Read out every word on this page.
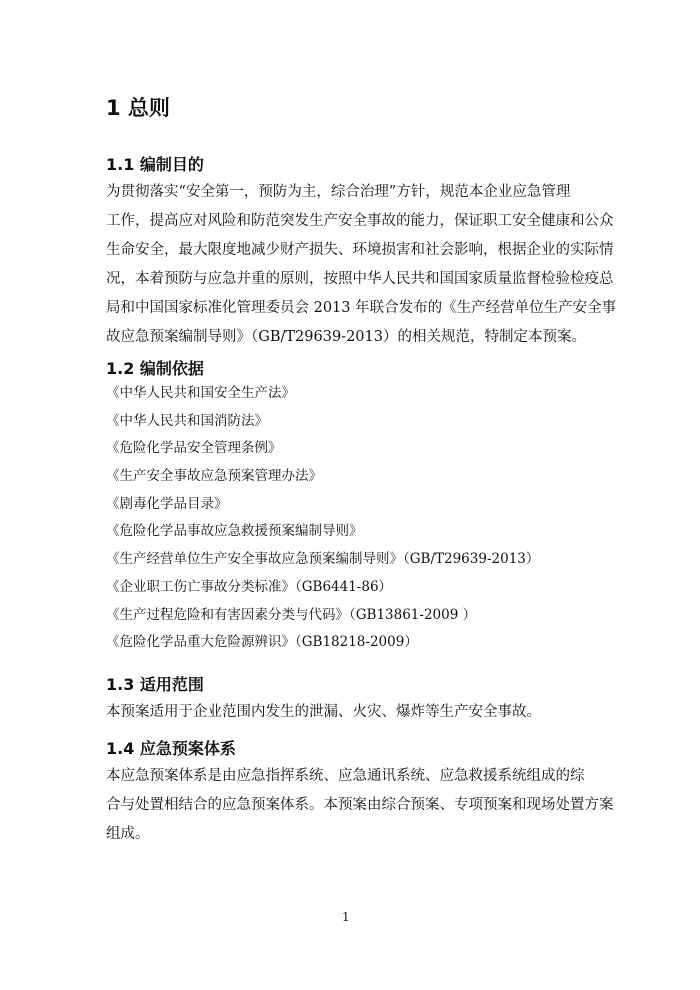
1 总则
1.1 编制目的
为贯彻落实“安全第一，预防为主，综合治理”方针，规范本企业应急管理
工作，提高应对风险和防范突发生产安全事故的能力，保证职工安全健康和公众
生命安全，最大限度地减少财产损失、环境损害和社会影响，根据企业的实际情
况，本着预防与应急并重的原则，按照中华人民共和国国家质量监督检验检疫总
局和中国国家标准化管理委员会 2013 年联合发布的《生产经营单位生产安全事
故应急预案编制导则》（GB/T29639-2013）的相关规范，特制定本预案。
1.2 编制依据
《中华人民共和国安全生产法》
《中华人民共和国消防法》
《危险化学品安全管理条例》
《生产安全事故应急预案管理办法》
《剧毒化学品目录》
《危险化学品事故应急救援预案编制导则》
《生产经营单位生产安全事故应急预案编制导则》（GB/T29639-2013）
《企业职工伤亡事故分类标准》（GB6441-86）
《生产过程危险和有害因素分类与代码》（GB13861-2009 ）
《危险化学品重大危险源辨识》（GB18218-2009）
1.3 适用范围
本预案适用于企业范围内发生的泄漏、火灾、爆炸等生产安全事故。
1.4 应急预案体系
本应急预案体系是由应急指挥系统、应急通讯系统、应急救援系统组成的综
合与处置相结合的应急预案体系。本预案由综合预案、专项预案和现场处置方案
组成。
1
